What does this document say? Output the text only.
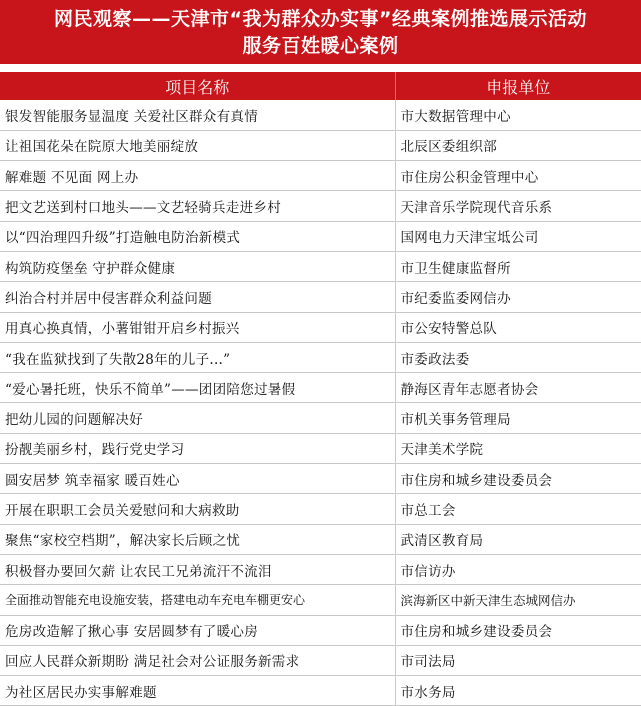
网民观察——天津市“我为群众办实事”经典案例推选展示活动
服务百姓暖心案例
项目名称	申报单位
银发智能服务显温度 关爱社区群众有真情	市大数据管理中心
让祖国花朵在院原大地美丽绽放	北辰区委组织部
解难题 不见面 网上办	市住房公积金管理中心
把文艺送到村口地头——文艺轻骑兵走进乡村	天津音乐学院现代音乐系
以“四治理四升级”打造触电防治新模式	国网电力天津宝坻公司
构筑防疫堡垒 守护群众健康	市卫生健康监督所
纠治合村并居中侵害群众利益问题	市纪委监委网信办
用真心换真情，小薯钳钳开启乡村振兴	市公安特警总队
“我在监狱找到了失散28年的儿子...”	市委政法委
“爱心暑托班，快乐不简单”——团团陪您过暑假	静海区青年志愿者协会
把幼儿园的问题解决好	市机关事务管理局
扮靓美丽乡村，践行党史学习	天津美术学院
圆安居梦 筑幸福家 暖百姓心	市住房和城乡建设委员会
开展在职职工会员关爱慰问和大病救助	市总工会
聚焦“家校空档期”，解决家长后顾之忧	武清区教育局
积极督办要回欠薪 让农民工兄弟流汗不流泪	市信访办
全面推动智能充电设施安装，搭建电动车充电车棚更安心	滨海新区中新天津生态城网信办
危房改造解了揪心事 安居圆梦有了暖心房	市住房和城乡建设委员会
回应人民群众新期盼 满足社会对公证服务新需求	市司法局
为社区居民办实事解难题	市水务局
